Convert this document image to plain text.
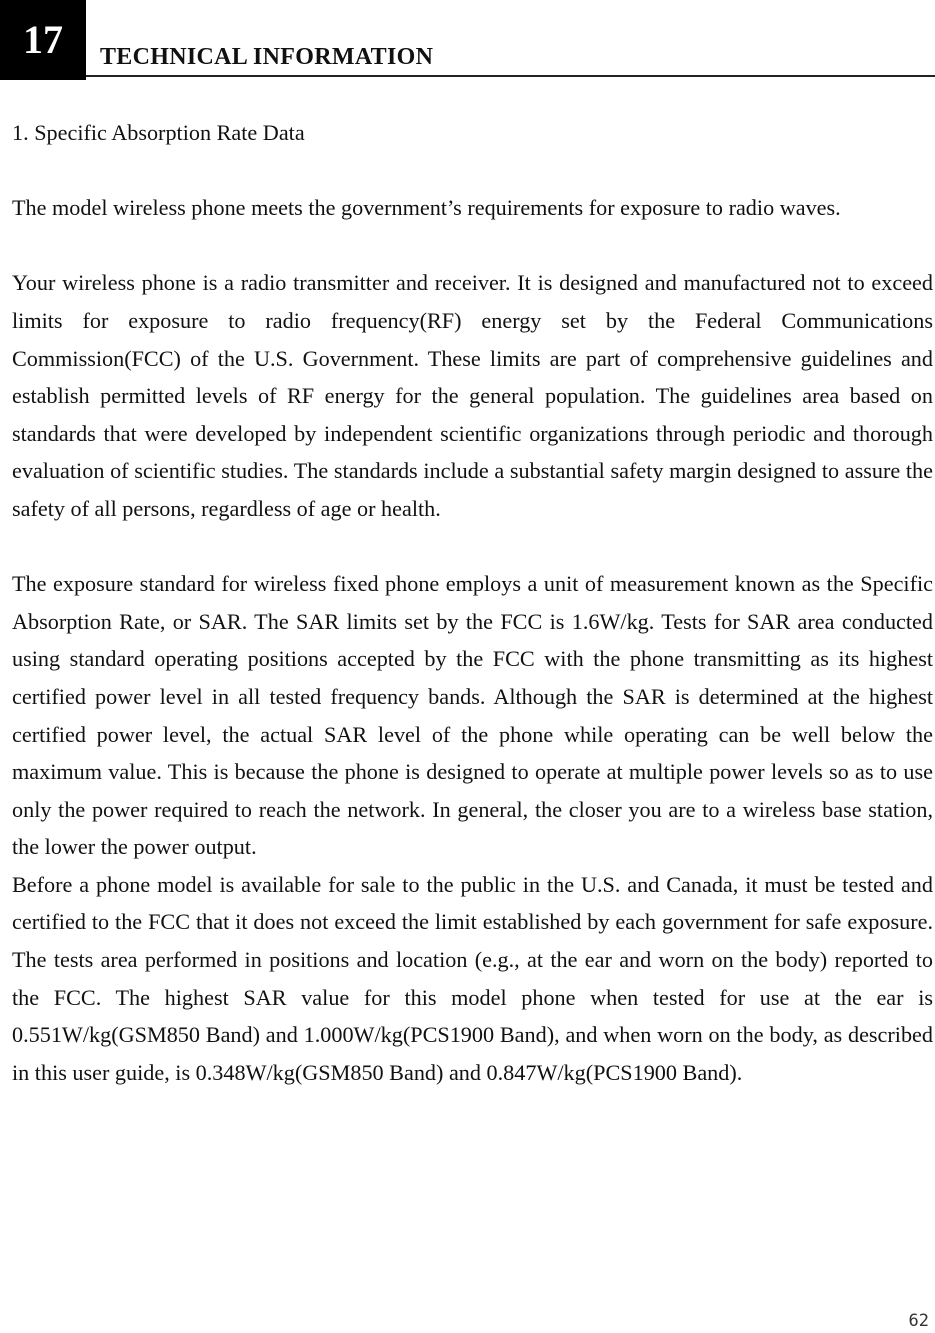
17	TECHNICAL INFORMATION

1. Specific Absorption Rate Data

The model wireless phone meets the government’s requirements for exposure to radio waves.

Your wireless phone is a radio transmitter and receiver. It is designed and manufactured not to exceed limits for exposure to radio frequency(RF) energy set by the Federal Communications Commission(FCC) of the U.S. Government. These limits are part of comprehensive guidelines and establish permitted levels of RF energy for the general population. The guidelines area based on standards that were developed by independent scientific organizations through periodic and thorough evaluation of scientific studies. The standards include a substantial safety margin designed to assure the safety of all persons, regardless of age or health.

The exposure standard for wireless fixed phone employs a unit of measurement known as the Specific Absorption Rate, or SAR. The SAR limits set by the FCC is 1.6W/kg. Tests for SAR area conducted using standard operating positions accepted by the FCC with the phone transmitting as its highest certified power level in all tested frequency bands. Although the SAR is determined at the highest certified power level, the actual SAR level of the phone while operating can be well below the maximum value. This is because the phone is designed to operate at multiple power levels so as to use only the power required to reach the network. In general, the closer you are to a wireless base station, the lower the power output.

Before a phone model is available for sale to the public in the U.S. and Canada, it must be tested and certified to the FCC that it does not exceed the limit established by each government for safe exposure. The tests area performed in positions and location (e.g., at the ear and worn on the body) reported to the FCC. The highest SAR value for this model phone when tested for use at the ear is 0.551W/kg(GSM850 Band) and 1.000W/kg(PCS1900 Band), and when worn on the body, as described in this user guide, is 0.348W/kg(GSM850 Band) and 0.847W/kg(PCS1900 Band).

62
